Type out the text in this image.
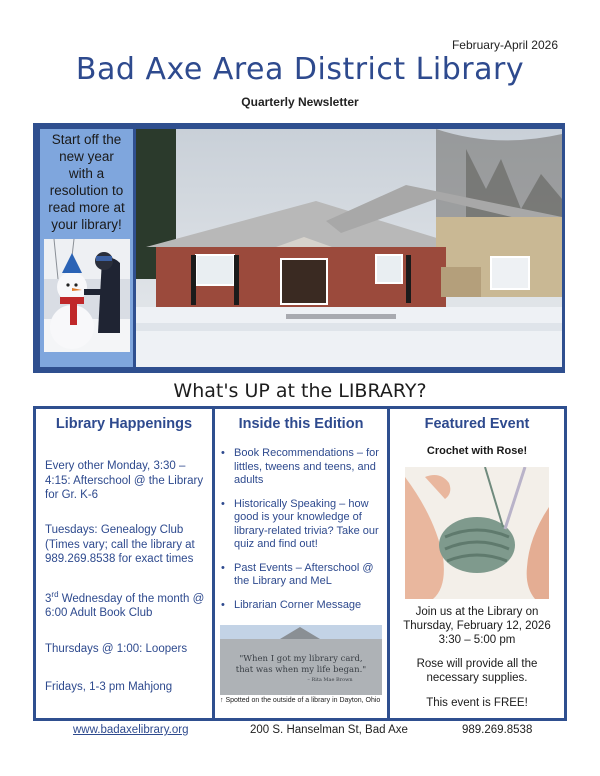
February-April 2026
Bad Axe Area District Library
Quarterly Newsletter
Start off the
new year
with a
resolution to
read more at
your library!
What's UP at the LIBRARY?
Library Happenings
Every other Monday, 3:30 – 4:15: Afterschool @ the Library for Gr. K-6
Tuesdays: Genealogy Club (Times vary; call the library at 989.269.8538 for exact times
3rd Wednesday of the month @ 6:00 Adult Book Club
Thursdays @ 1:00: Loopers
Fridays, 1-3 pm Mahjong
Inside this Edition
• Book Recommendations – for littles, tweens and teens, and adults
• Historically Speaking – how good is your knowledge of library-related trivia? Take our quiz and find out!
• Past Events – Afterschool @ the Library and MeL
• Librarian Corner Message
"When I got my library card,
that was when my life began."
– Rita Mae Brown
↑ Spotted on the outside of a library in Dayton, Ohio
Featured Event
Crochet with Rose!
Join us at the Library on
Thursday, February 12, 2026
3:30 – 5:00 pm
Rose will provide all the
necessary supplies.
This event is FREE!
www.badaxelibrary.org	200 S. Hanselman St, Bad Axe	989.269.8538
